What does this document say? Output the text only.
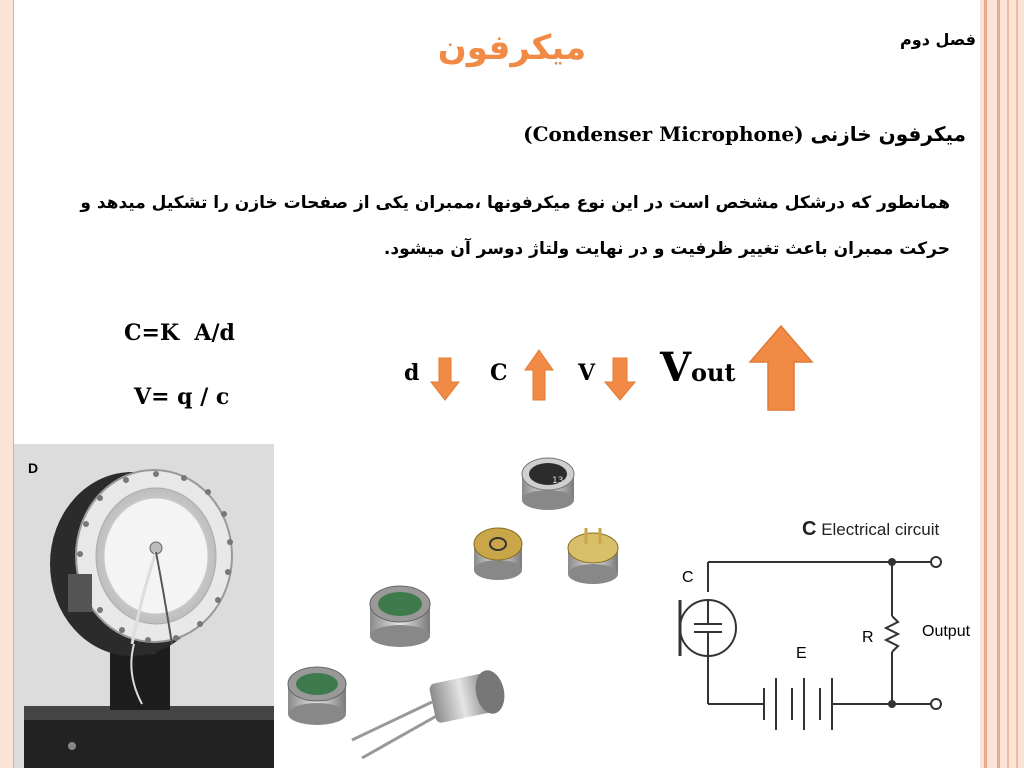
میکرفون	فصل دوم
میکرفون خازنی (Condenser Microphone)
همانطور که درشکل مشخص است در این نوع میکرفونها ،ممبران یکی از صفحات خازن را تشکیل میدهد و
حرکت ممبران باعث تغییر ظرفیت و در نهایت ولتاژ دوسر آن میشود.
C=K  A/d
V= q / c
d	C	V Vout
D
13
C Electrical circuit
C
E
R	Output
